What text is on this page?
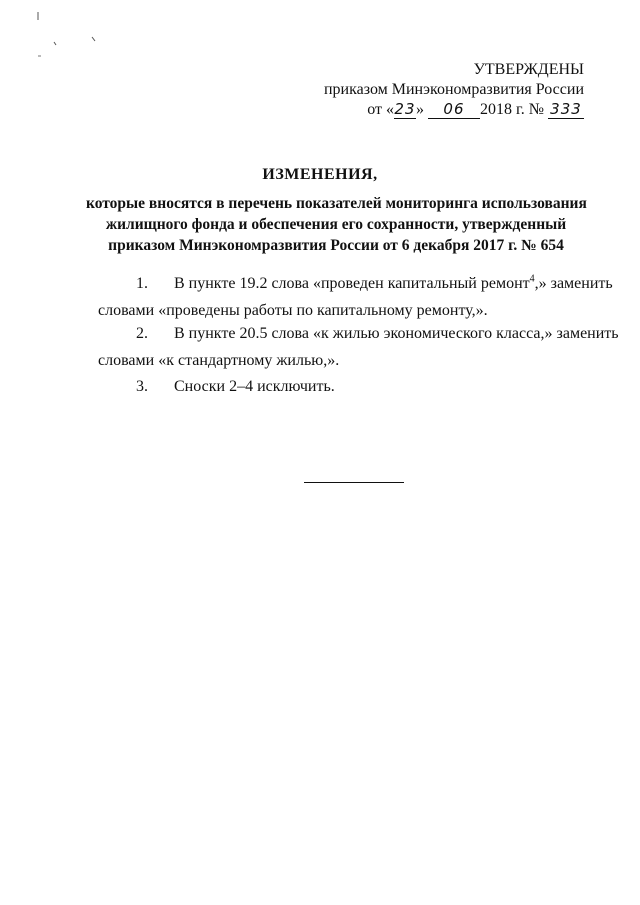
УТВЕРЖДЕНЫ
приказом Минэкономразвития России
от «23» 06 2018 г. № 333
ИЗМЕНЕНИЯ,
которые вносятся в перечень показателей мониторинга использования
жилищного фонда и обеспечения его сохранности, утвержденный
приказом Минэкономразвития России от 6 декабря 2017 г. № 654
1. В пункте 19.2 слова «проведен капитальный ремонт$^4$,» заменить
словами «проведены работы по капитальному ремонту,».
2. В пункте 20.5 слова «к жилью экономического класса,» заменить
словами «к стандартному жилью,».
3. Сноски 2–4 исключить.
